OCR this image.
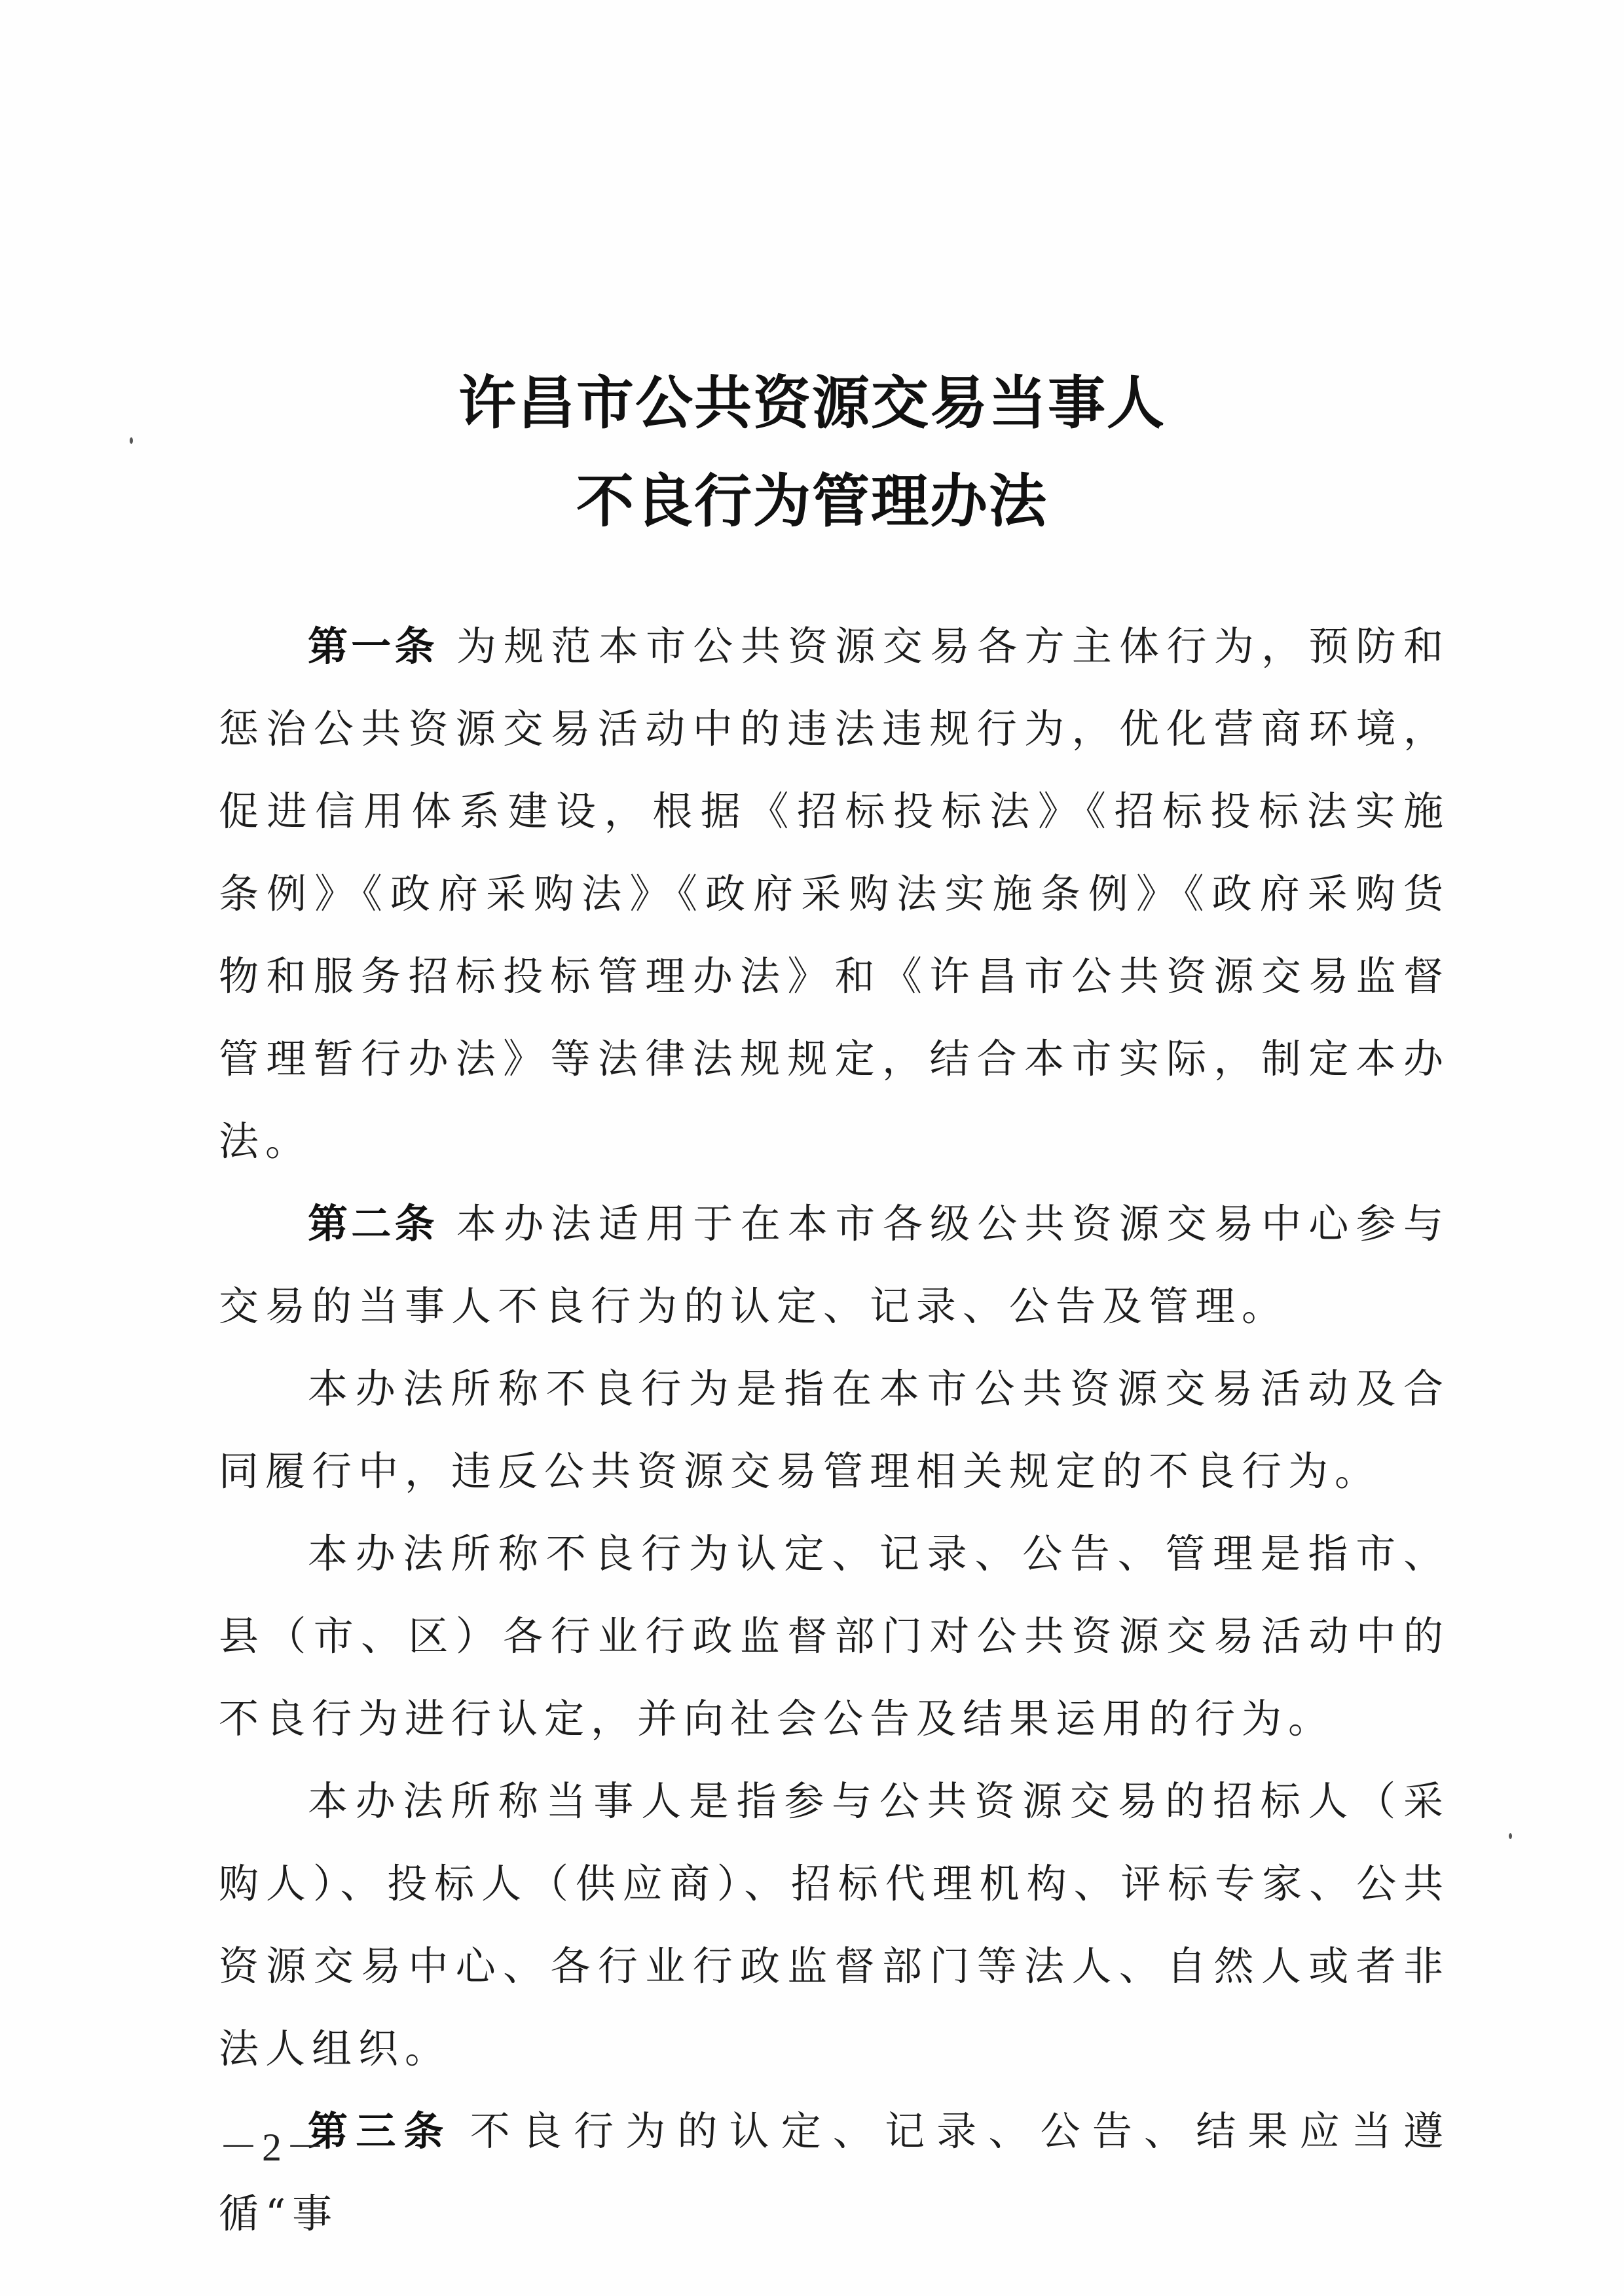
许昌市公共资源交易当事人
不良行为管理办法

第一条 为规范本市公共资源交易各方主体行为，预防和惩治公共资源交易活动中的违法违规行为，优化营商环境，促进信用体系建设，根据《招标投标法》《招标投标法实施条例》《政府采购法》《政府采购法实施条例》《政府采购货物和服务招标投标管理办法》和《许昌市公共资源交易监督管理暂行办法》等法律法规规定，结合本市实际，制定本办法。

第二条 本办法适用于在本市各级公共资源交易中心参与交易的当事人不良行为的认定、记录、公告及管理。

本办法所称不良行为是指在本市公共资源交易活动及合同履行中，违反公共资源交易管理相关规定的不良行为。

本办法所称不良行为认定、记录、公告、管理是指市、县（市、区）各行业行政监督部门对公共资源交易活动中的不良行为进行认定，并向社会公告及结果运用的行为。

本办法所称当事人是指参与公共资源交易的招标人（采购人）、投标人（供应商）、招标代理机构、评标专家、公共资源交易中心、各行业行政监督部门等法人、自然人或者非法人组织。

第三条 不良行为的认定、记录、公告、结果应当遵循“事

－2－
